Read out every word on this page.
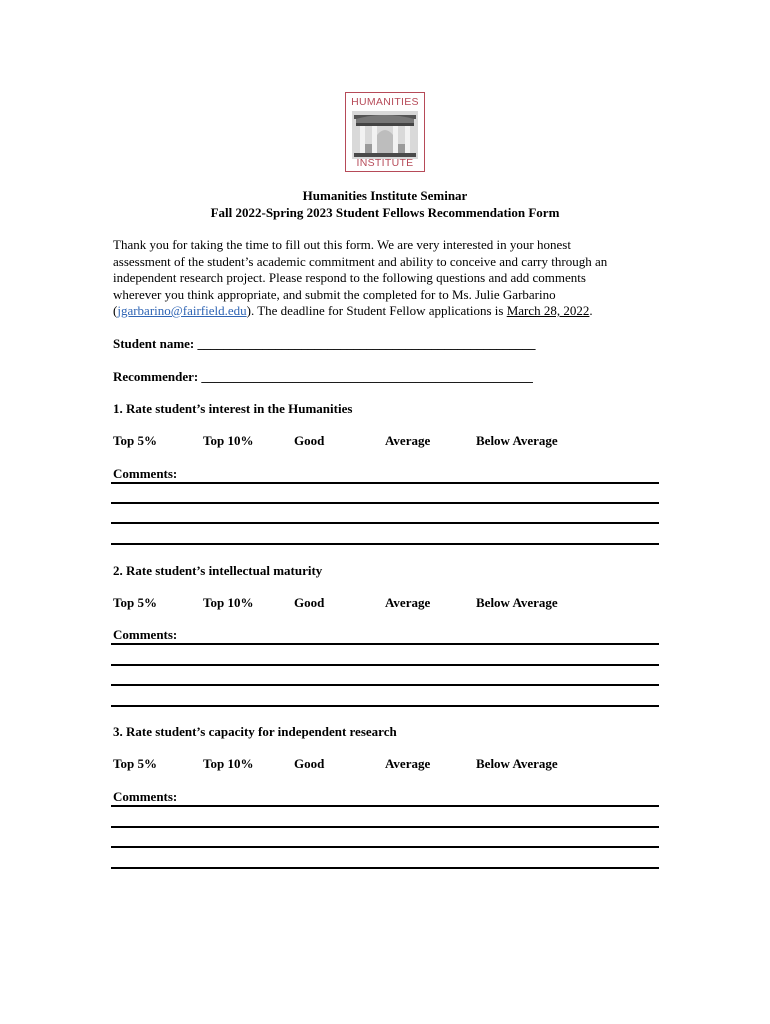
HUMANITIES
INSTITUTE
Humanities Institute Seminar
Fall 2022-Spring 2023 Student Fellows Recommendation Form
Thank you for taking the time to fill out this form. We are very interested in your honest
assessment of the student’s academic commitment and ability to conceive and carry through an
independent research project. Please respond to the following questions and add comments
wherever you think appropriate, and submit the completed for to Ms. Julie Garbarino
(jgarbarino@fairfield.edu). The deadline for Student Fellow applications is March 28, 2022.
Student name: ____________________________________________________
Recommender: ___________________________________________________
1. Rate student’s interest in the Humanities
Top 5%	Top 10%	Good	Average	Below Average
Comments:
2. Rate student’s intellectual maturity
Top 5%	Top 10%	Good	Average	Below Average
Comments:
3. Rate student’s capacity for independent research
Top 5%	Top 10%	Good	Average	Below Average
Comments:
